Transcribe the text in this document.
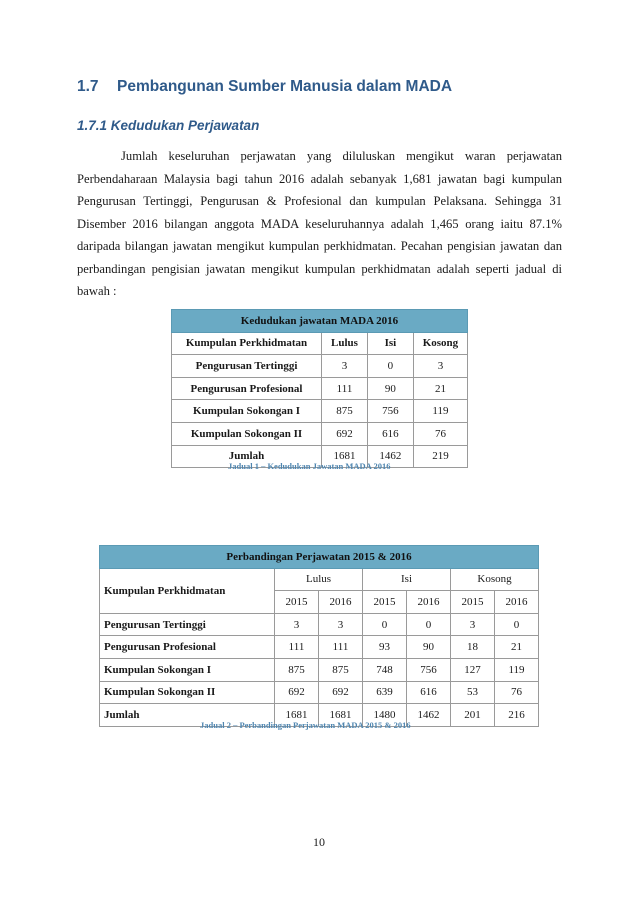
1.7 Pembangunan Sumber Manusia dalam MADA
1.7.1 Kedudukan Perjawatan

Jumlah keseluruhan perjawatan yang diluluskan mengikut waran perjawatan Perbendaharaan Malaysia bagi tahun 2016 adalah sebanyak 1,681 jawatan bagi kumpulan Pengurusan Tertinggi, Pengurusan & Profesional dan kumpulan Pelaksana. Sehingga 31 Disember 2016 bilangan anggota MADA keseluruhannya adalah 1,465 orang iaitu 87.1% daripada bilangan jawatan mengikut kumpulan perkhidmatan. Pecahan pengisian jawatan dan perbandingan pengisian jawatan mengikut kumpulan perkhidmatan adalah seperti jadual di bawah :

Kedudukan jawatan MADA 2016			
Kumpulan Perkhidmatan	Lulus	Isi	Kosong
Pengurusan Tertinggi	3	0	3
Pengurusan Profesional	111	90	21
Kumpulan Sokongan I	875	756	119
Kumpulan Sokongan II	692	616	76
Jumlah	1681	1462	219
Jadual 1 – Kedudukan Jawatan MADA 2016
Perbandingan Perjawatan 2015 & 2016						
Kumpulan Perkhidmatan	Lulus		Isi		Kosong	
	2015	2016	2015	2016	2015	2016
Pengurusan Tertinggi	3	3	0	0	3	0
Pengurusan Profesional	111	111	93	90	18	21
Kumpulan Sokongan I	875	875	748	756	127	119
Kumpulan Sokongan II	692	692	639	616	53	76
Jumlah	1681	1681	1480	1462	201	216
Jadual 2 – Perbandingan Perjawatan MADA 2015 & 2016
10
